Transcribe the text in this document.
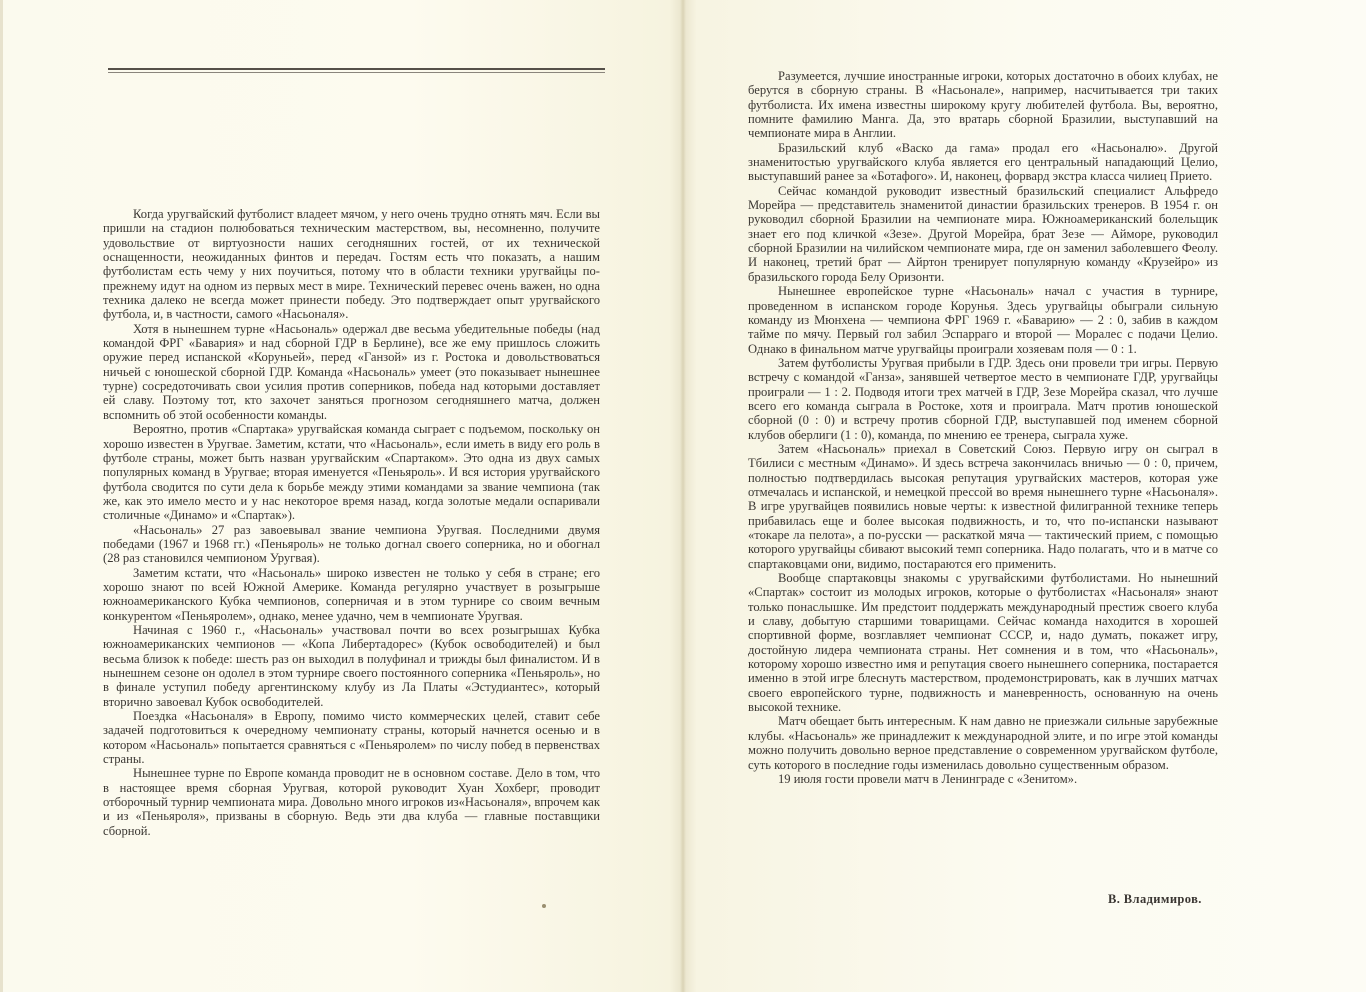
Когда уругвайский футболист владеет мячом, у него очень трудно отнять мяч. Если вы пришли на стадион полюбоваться техническим мастерством, вы, несомненно, получите удовольствие от виртуозности наших сегодняшних гостей, от их технической оснащенности, неожиданных финтов и передач. Гостям есть что показать, а нашим футболистам есть чему у них поучиться, потому что в области техники уругвайцы по-прежнему идут на одном из первых мест в мире. Технический перевес очень важен, но одна техника далеко не всегда может принести победу. Это подтверждает опыт уругвайского футбола, и, в частности, самого «Насьоналя».

Хотя в нынешнем турне «Насьональ» одержал две весьма убедительные победы (над командой ФРГ «Бавария» и над сборной ГДР в Берлине), все же ему пришлось сложить оружие перед испанской «Коруньей», перед «Ганзой» из г. Ростока и довольствоваться ничьей с юношеской сборной ГДР. Команда «Насьональ» умеет (это показывает нынешнее турне) сосредоточивать свои усилия против соперников, победа над которыми доставляет ей славу. Поэтому тот, кто захочет заняться прогнозом сегодняшнего матча, должен вспомнить об этой особенности команды.

Вероятно, против «Спартака» уругвайская команда сыграет с подъемом, поскольку он хорошо известен в Уругвае. Заметим, кстати, что «Насьональ», если иметь в виду его роль в футболе страны, может быть назван уругвайским «Спартаком». Это одна из двух самых популярных команд в Уругвае; вторая именуется «Пеньяроль». И вся история уругвайского футбола сводится по сути дела к борьбе между этими командами за звание чемпиона (так же, как это имело место и у нас некоторое время назад, когда золотые медали оспаривали столичные «Динамо» и «Спартак»).

«Насьональ» 27 раз завоевывал звание чемпиона Уругвая. Последними двумя победами (1967 и 1968 гг.) «Пеньяроль» не только догнал своего соперника, но и обогнал (28 раз становился чемпионом Уругвая).

Заметим кстати, что «Насьональ» широко известен не только у себя в стране; его хорошо знают по всей Южной Америке. Команда регулярно участвует в розыгрыше южноамериканского Кубка чемпионов, соперничая и в этом турнире со своим вечным конкурентом «Пеньяролем», однако, менее удачно, чем в чемпионате Уругвая.

Начиная с 1960 г., «Насьональ» участвовал почти во всех розыгрышах Кубка южноамериканских чемпионов — «Копа Либертадорес» (Кубок освободителей) и был весьма близок к победе: шесть раз он выходил в полуфинал и трижды был финалистом. И в нынешнем сезоне он одолел в этом турнире своего постоянного соперника «Пеньяроль», но в финале уступил победу аргентинскому клубу из Ла Платы «Эстудиантес», который вторично завоевал Кубок освободителей.

Поездка «Насьоналя» в Европу, помимо чисто коммерческих целей, ставит себе задачей подготовиться к очередному чемпионату страны, который начнется осенью и в котором «Насьональ» попытается сравняться с «Пеньяролем» по числу побед в первенствах страны.

Нынешнее турне по Европе команда проводит не в основном составе. Дело в том, что в настоящее время сборная Уругвая, которой руководит Хуан Хохберг, проводит отборочный турнир чемпионата мира. Довольно много игроков из«Насьоналя», впрочем как и из «Пеньяроля», призваны в сборную. Ведь эти два клуба — главные поставщики сборной.

Разумеется, лучшие иностранные игроки, которых достаточно в обоих клубах, не берутся в сборную страны. В «Насьонале», например, насчитывается три таких футболиста. Их имена известны широкому кругу любителей футбола. Вы, вероятно, помните фамилию Манга. Да, это вратарь сборной Бразилии, выступавший на чемпионате мира в Англии.

Бразильский клуб «Васко да гама» продал его «Насьоналю». Другой знаменитостью уругвайского клуба является его центральный нападающий Целио, выступавший ранее за «Ботафого». И, наконец, форвард экстра класса чилиец Прието.

Сейчас командой руководит известный бразильский специалист Альфредо Морейра — представитель знаменитой династии бразильских тренеров. В 1954 г. он руководил сборной Бразилии на чемпионате мира. Южноамериканский болельщик знает его под кличкой «Зезе». Другой Морейра, брат Зезе — Айморе, руководил сборной Бразилии на чилийском чемпионате мира, где он заменил заболевшего Феолу. И наконец, третий брат — Айртон тренирует популярную команду «Крузейро» из бразильского города Белу Оризонти.

Нынешнее европейское турне «Насьональ» начал с участия в турнире, проведенном в испанском городе Корунья. Здесь уругвайцы обыграли сильную команду из Мюнхена — чемпиона ФРГ 1969 г. «Баварию» — 2 : 0, забив в каждом тайме по мячу. Первый гол забил Эспаррагo и второй — Моралес с подачи Целио. Однако в финальном матче уругвайцы проиграли хозяевам поля — 0 : 1.

Затем футболисты Уругвая прибыли в ГДР. Здесь они провели три игры. Первую встречу с командой «Ганза», занявшей четвертое место в чемпионате ГДР, уругвайцы проиграли — 1 : 2. Подводя итоги трех матчей в ГДР, Зезе Морейра сказал, что лучше всего его команда сыграла в Ростоке, хотя и проиграла. Матч против юношеской сборной (0 : 0) и встречу против сборной ГДР, выступавшей под именем сборной клубов оберлиги (1 : 0), команда, по мнению ее тренера, сыграла хуже.

Затем «Насьональ» приехал в Советский Союз. Первую игру он сыграл в Тбилиси с местным «Динамо». И здесь встреча закончилась вничью — 0 : 0, причем, полностью подтвердилась высокая репутация уругвайских мастеров, которая уже отмечалась и испанской, и немецкой прессой во время нынешнего турне «Насьоналя». В игре уругвайцев появились новые черты: к известной филигранной технике теперь прибавилась еще и более высокая подвижность, и то, что по-испански называют «токаре ла пелота», а по-русски — раскаткой мяча — тактический прием, с помощью которого уругвайцы сбивают высокий темп соперника. Надо полагать, что и в матче со спартаковцами они, видимо, постараются его применить.

Вообще спартаковцы знакомы с уругвайскими футболистами. Но нынешний «Спартак» состоит из молодых игроков, которые о футболистах «Насьоналя» знают только понаслышке. Им предстоит поддержать международный престиж своего клуба и славу, добытую старшими товарищами. Сейчас команда находится в хорошей спортивной форме, возглавляет чемпионат СССР, и, надо думать, покажет игру, достойную лидера чемпионата страны. Нет сомнения и в том, что «Насьональ», которому хорошо известно имя и репутация своего нынешнего соперника, постарается именно в этой игре блеснуть мастерством, продемонстрировать, как в лучших матчах своего европейского турне, подвижность и маневренность, основанную на очень высокой технике.

Матч обещает быть интересным. К нам давно не приезжали сильные зарубежные клубы. «Насьональ» же принадлежит к международной элите, и по игре этой команды можно получить довольно верное представление о современном уругвайском футболе, суть которого в последние годы изменилась довольно существенным образом.

19 июля гости провели матч в Ленинграде с «Зенитом».

В. Владимиров.
